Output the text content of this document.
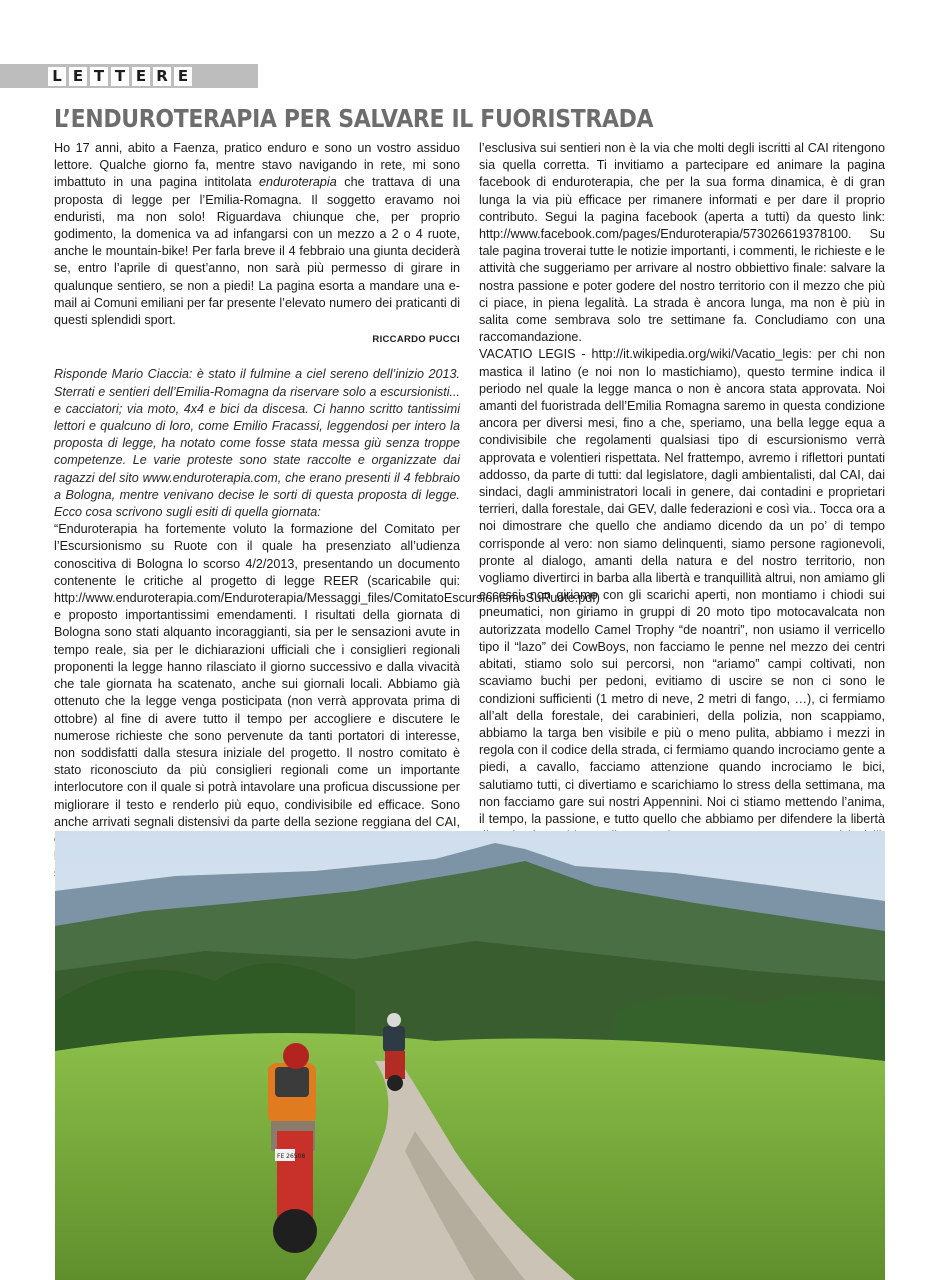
L E T T E R E
L’ENDUROTERAPIA PER SALVARE IL FUORISTRADA

Ho 17 anni, abito a Faenza, pratico enduro e sono un vostro assiduo lettore. Qualche giorno fa, mentre stavo navigando in rete, mi sono imbattuto in una pagina intitolata enduroterapia che trattava di una proposta di legge per l’Emilia-Romagna. Il soggetto eravamo noi enduristi, ma non solo! Riguardava chiunque che, per proprio godimento, la domenica va ad infangarsi con un mezzo a 2 o 4 ruote, anche le mountain-bike! Per farla breve il 4 febbraio una giunta deciderà se, entro l’aprile di quest’anno, non sarà più permesso di girare in qualunque sentiero, se non a piedi! La pagina esorta a mandare una e-mail ai Comuni emiliani per far presente l’elevato numero dei praticanti di questi splendidi sport.

RICCARDO PUCCI

Risponde Mario Ciaccia: è stato il fulmine a ciel sereno dell’inizio 2013. Sterrati e sentieri dell’Emilia-Romagna da riservare solo a escursionisti... e cacciatori; via moto, 4x4 e bici da discesa. Ci hanno scritto tantissimi lettori e qualcuno di loro, come Emilio Fracassi, leggendosi per intero la proposta di legge, ha notato come fosse stata messa giù senza troppe competenze. Le varie proteste sono state raccolte e organizzate dai ragazzi del sito www.enduroterapia.com, che erano presenti il 4 febbraio a Bologna, mentre venivano decise le sorti di questa proposta di legge. Ecco cosa scrivono sugli esiti di quella giornata:

“Enduroterapia ha fortemente voluto la formazione del Comitato per l’Escursionismo su Ruote con il quale ha presenziato all’udienza conoscitiva di Bologna lo scorso 4/2/2013, presentando un documento contenente le critiche al progetto di legge REER (scaricabile qui: http://www.enduroterapia.com/Enduroterapia/Messaggi_files/ComitatoEscursionismoSuRuote.pdf) e proposto importantissimi emendamenti. I risultati della giornata di Bologna sono stati alquanto incoraggianti, sia per le sensazioni avute in tempo reale, sia per le dichiarazioni ufficiali che i consiglieri regionali proponenti la legge hanno rilasciato il giorno successivo e dalla vivacità che tale giornata ha scatenato, anche sui giornali locali. Abbiamo già ottenuto che la legge venga posticipata (non verrà approvata prima di ottobre) al fine di avere tutto il tempo per accogliere e discutere le numerose richieste che sono pervenute da tanti portatori di interesse, non soddisfatti dalla stesura iniziale del progetto. Il nostro comitato è stato riconosciuto da più consiglieri regionali come un importante interlocutore con il quale si potrà intavolare una proficua discussione per migliorare il testo e renderlo più equo, condivisibile ed efficace. Sono anche arrivati segnali distensivi da parte della sezione reggiana del CAI,

l’esclusiva sui sentieri non è la via che molti degli iscritti al CAI ritengono sia quella corretta. Ti invitiamo a partecipare ed animare la pagina facebook di enduroterapia, che per la sua forma dinamica, è di gran lunga la via più efficace per rimanere informati e per dare il proprio contributo. Segui la pagina facebook (aperta a tutti) da questo link: http://www.facebook.com/pages/Enduroterapia/573026619378100. Su tale pagina troverai tutte le notizie importanti, i commenti, le richieste e le attività che suggeriamo per arrivare al nostro obbiettivo finale: salvare la nostra passione e poter godere del nostro territorio con il mezzo che più ci piace, in piena legalità. La strada è ancora lunga, ma non è più in salita come sembrava solo tre settimane fa. Concludiamo con una raccomandazione.

VACATIO LEGIS - http://it.wikipedia.org/wiki/Vacatio_legis: per chi non mastica il latino (e noi non lo mastichiamo), questo termine indica il periodo nel quale la legge manca o non è ancora stata approvata. Noi amanti del fuoristrada dell’Emilia Romagna saremo in questa condizione ancora per diversi mesi, fino a che, speriamo, una bella legge equa a condivisibile che regolamenti qualsiasi tipo di escursionismo verrà approvata e volentieri rispettata. Nel frattempo, avremo i riflettori puntati addosso, da parte di tutti: dal legislatore, dagli ambientalisti, dal CAI, dai sindaci, dagli amministratori locali in genere, dai contadini e proprietari terrieri, dalla forestale, dai GEV, dalle federazioni e così via.. Tocca ora a noi dimostrare che quello che andiamo dicendo da un po’ di tempo corrisponde al vero: non siamo delinquenti, siamo persone ragionevoli, pronte al dialogo, amanti della natura e del nostro territorio, non vogliamo divertirci in barba alla libertà e tranquillità altrui, non amiamo gli eccessi, non giriamo con gli scarichi aperti, non montiamo i chiodi sui pneumatici, non giriamo in gruppi di 20 moto tipo motocavalcata non autorizzata modello Camel Trophy “de noantri”, non usiamo il verricello tipo il “lazo” dei CowBoys, non facciamo le penne nel mezzo dei centri abitati, stiamo solo sui percorsi, non “ariamo” campi coltivati, non scaviamo buchi per pedoni, evitiamo di uscire se non ci sono le condizioni sufficienti (1 metro di neve, 2 metri di fango, …), ci fermiamo all’alt della forestale, dei carabinieri, della polizia, non scappiamo, abbiamo la targa ben visibile e più o meno pulita, abbiamo i mezzi in regola con il codice della strada, ci fermiamo quando incrociamo gente a piedi, a cavallo, facciamo attenzione quando incrociamo le bici, salutiamo tutti, ci divertiamo e scarichiamo lo stress della settimana, ma non facciamo gare sui nostri Appennini. Noi ci stiamo mettendo l’anima, il tempo, la passione, e tutto quello che abbiamo per difendere la libertà

FE 26508
